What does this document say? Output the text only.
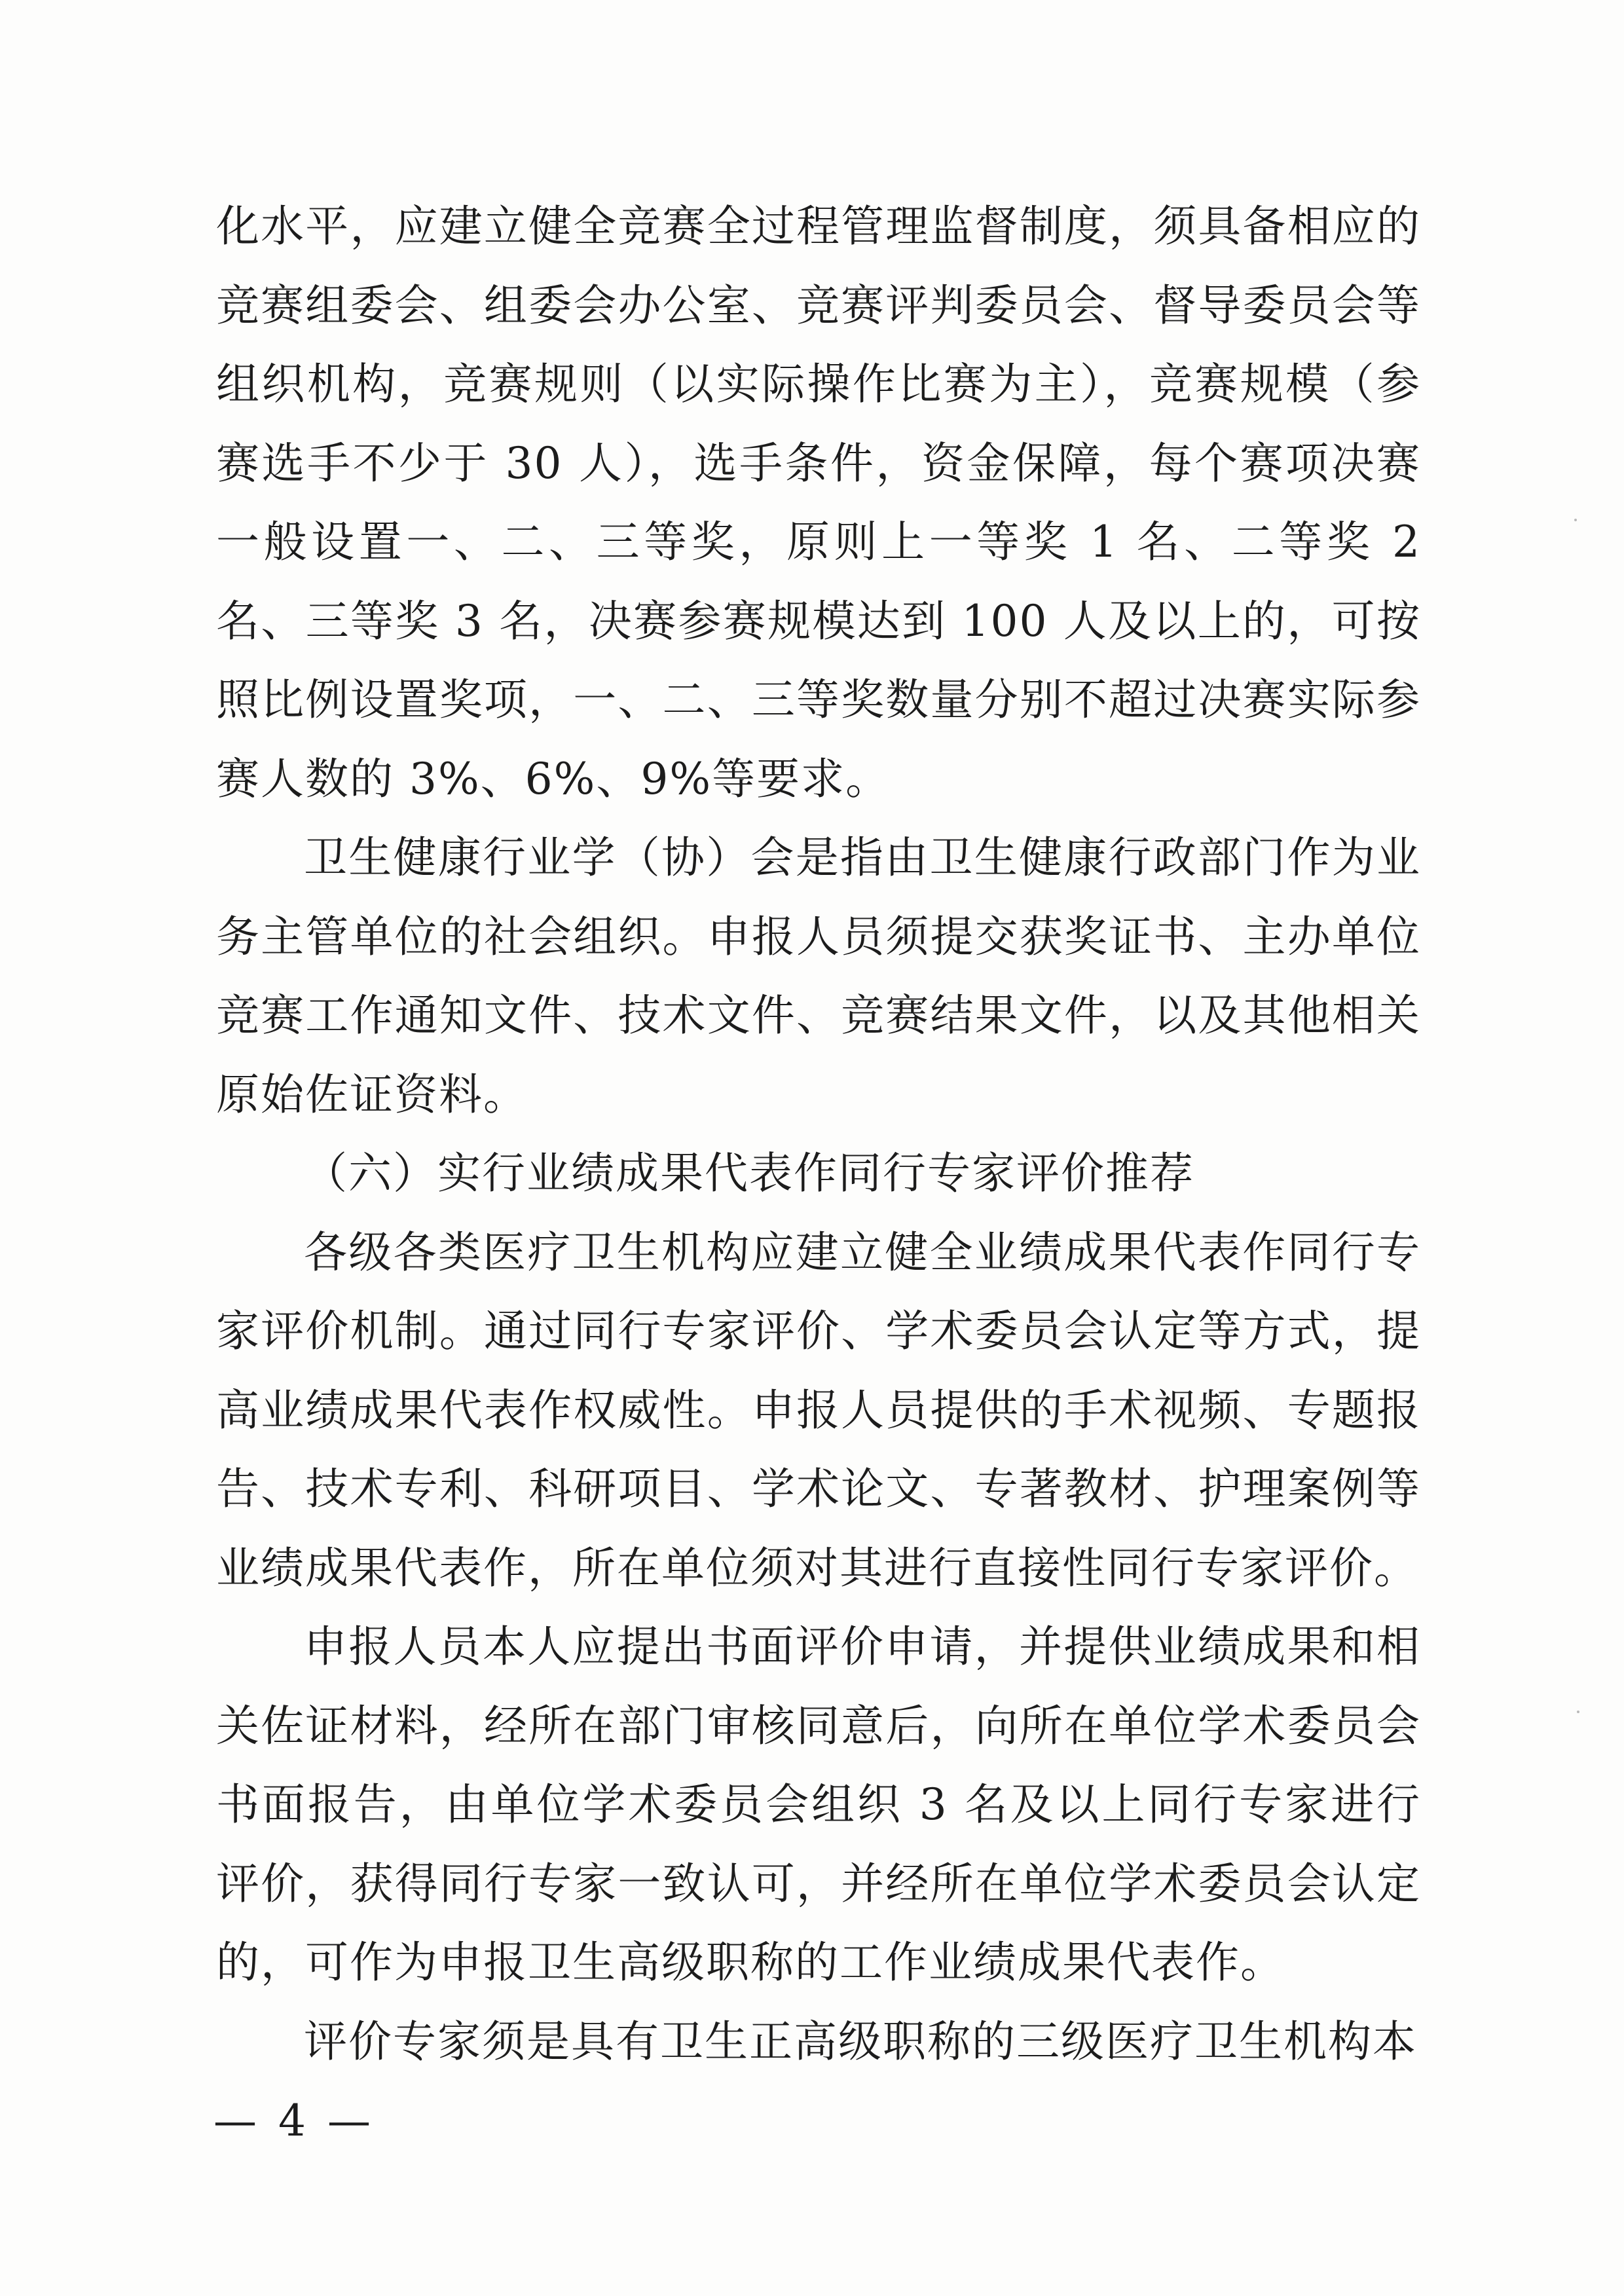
化水平，应建立健全竞赛全过程管理监督制度，须具备相应的竞赛组委会、组委会办公室、竞赛评判委员会、督导委员会等组织机构，竞赛规则（以实际操作比赛为主），竞赛规模（参赛选手不少于 30 人），选手条件，资金保障，每个赛项决赛一般设置一、二、三等奖，原则上一等奖 1 名、二等奖 2 名、三等奖 3 名，决赛参赛规模达到 100 人及以上的，可按照比例设置奖项，一、二、三等奖数量分别不超过决赛实际参赛人数的 3%、6%、9%等要求。

卫生健康行业学（协）会是指由卫生健康行政部门作为业务主管单位的社会组织。申报人员须提交获奖证书、主办单位竞赛工作通知文件、技术文件、竞赛结果文件，以及其他相关原始佐证资料。

（六）实行业绩成果代表作同行专家评价推荐

各级各类医疗卫生机构应建立健全业绩成果代表作同行专家评价机制。通过同行专家评价、学术委员会认定等方式，提高业绩成果代表作权威性。申报人员提供的手术视频、专题报告、技术专利、科研项目、学术论文、专著教材、护理案例等业绩成果代表作，所在单位须对其进行直接性同行专家评价。

申报人员本人应提出书面评价申请，并提供业绩成果和相关佐证材料，经所在部门审核同意后，向所在单位学术委员会书面报告，由单位学术委员会组织 3 名及以上同行专家进行评价，获得同行专家一致认可，并经所在单位学术委员会认定的，可作为申报卫生高级职称的工作业绩成果代表作。

评价专家须是具有卫生正高级职称的三级医疗卫生机构本

— 4 —
